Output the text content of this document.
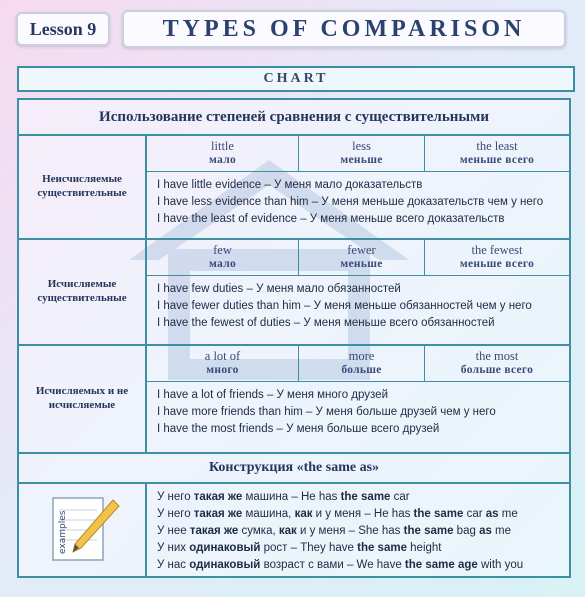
Lesson 9	TYPES OF COMPARISON
CHART
Использование степеней сравнения с существительными
Неисчисляемые существительные
little
мало
less
меньше
the least
меньше всего
I have little evidence – У меня мало доказательств
I have less evidence than him – У меня меньше доказательств чем у него
I have the least of evidence – У меня меньше всего доказательств
Исчисляемые существительные
few
мало
fewer
меньше
the fewest
меньше всего
I have few duties – У меня мало обязанностей
I have fewer duties than him – У меня меньше обязанностей чем у него
I have the fewest of duties – У меня меньше всего обязанностей
Исчисляемых и не исчисляемые
a lot of
много
more
больше
the most
больше всего
I have a lot of friends – У меня много друзей
I have more friends than him – У меня больше друзей чем у него
I have the most friends – У меня больше всего друзей
Конструкция «the same as»
examples
У него такая же машина – He has the same car
У него такая же машина, как и у меня – He has the same car as me
У нее такая же сумка, как и у меня – She has the same bag as me
У них одинаковый рост – They have the same height
У нас одинаковый возраст с вами – We have the same age with you
